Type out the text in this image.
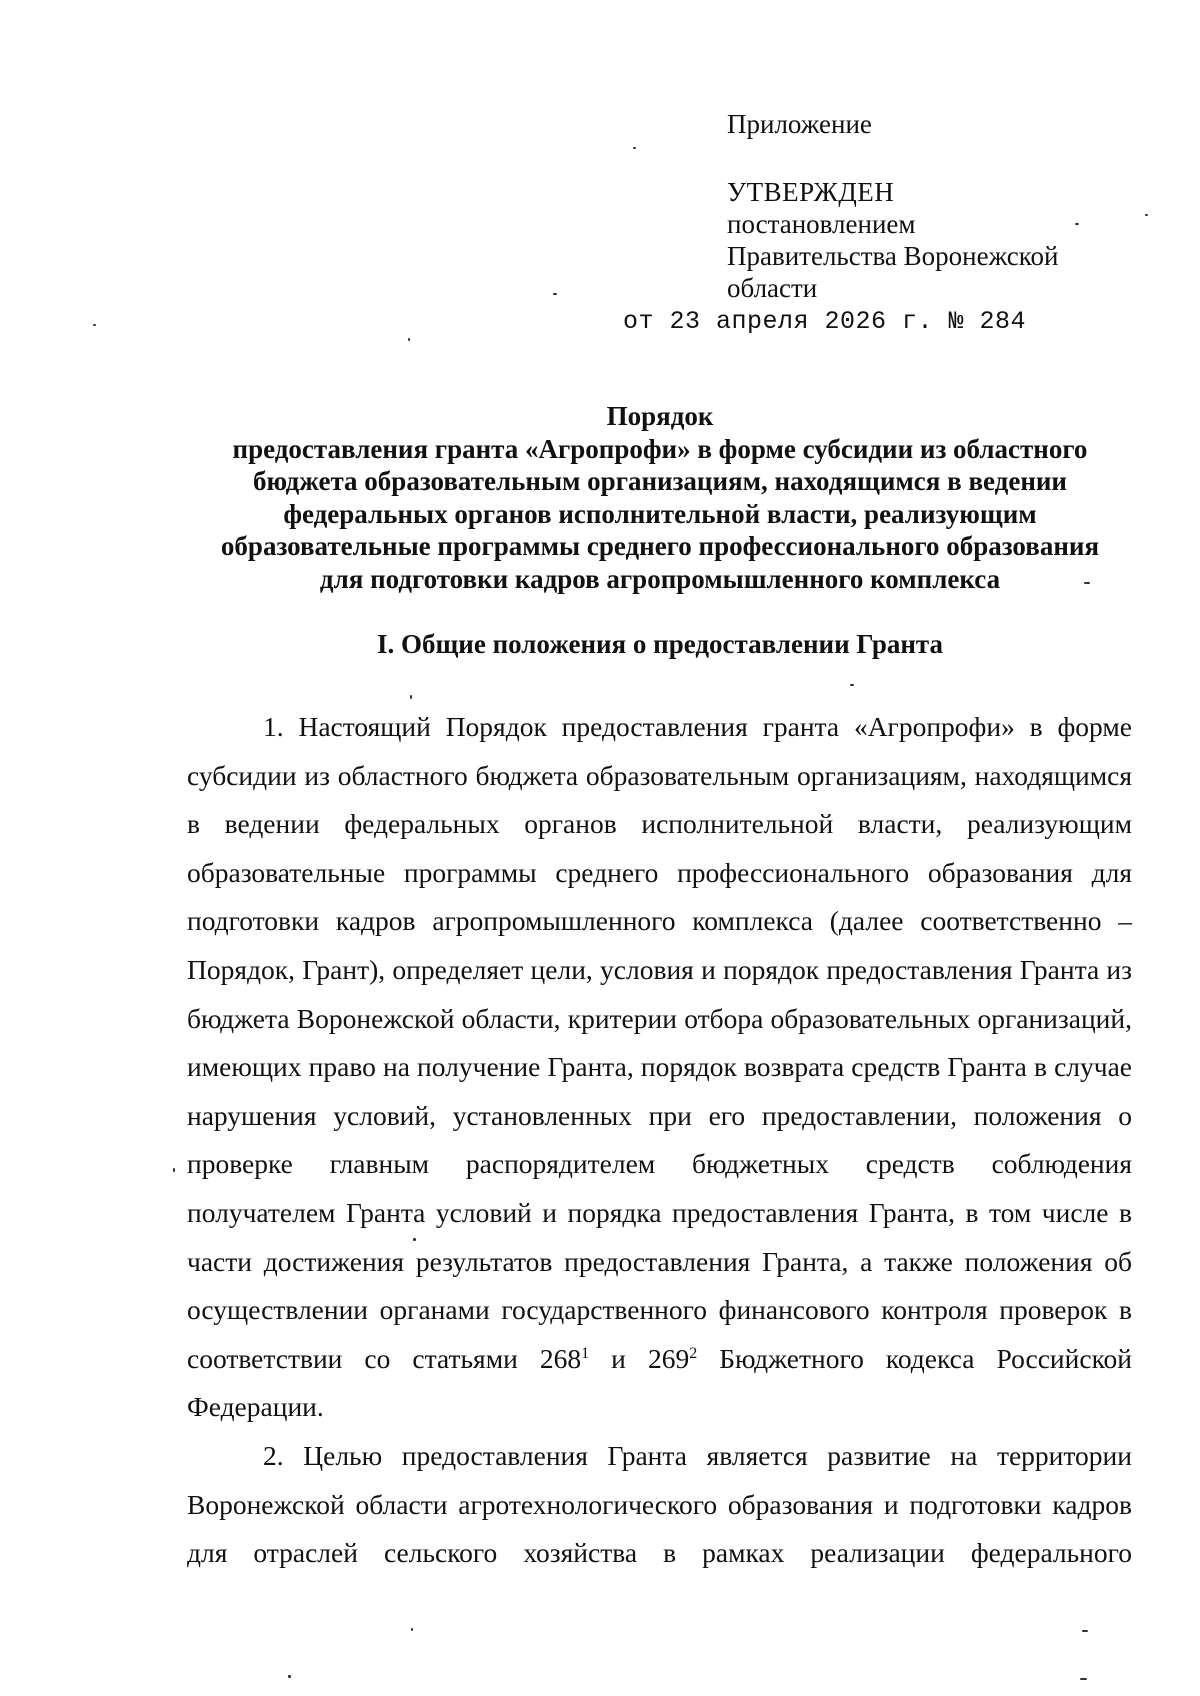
Приложение
УТВЕРЖДЕН
постановлением
Правительства Воронежской
области
от 23 апреля 2026 г. № 284
Порядок
предоставления гранта «Агропрофи» в форме субсидии из областного
бюджета образовательным организациям, находящимся в ведении
федеральных органов исполнительной власти, реализующим
образовательные программы среднего профессионального образования
для подготовки кадров агропромышленного комплекса
I. Общие положения о предоставлении Гранта

1. Настоящий Порядок предоставления гранта «Агропрофи» в форме субсидии из областного бюджета образовательным организациям, находящимся в ведении федеральных органов исполнительной власти, реализующим образовательные программы среднего профессионального образования для подготовки кадров агропромышленного комплекса (далее соответственно – Порядок, Грант), определяет цели, условия и порядок предоставления Гранта из бюджета Воронежской области, критерии отбора образовательных организаций, имеющих право на получение Гранта, порядок возврата средств Гранта в случае нарушения условий, установленных при его предоставлении, положения о проверке главным распорядителем бюджетных средств соблюдения получателем Гранта условий и порядка предоставления Гранта, в том числе в части достижения результатов предоставления Гранта, а также положения об осуществлении органами государственного финансового контроля проверок в соответствии со статьями $268^1$ и $269^2$ Бюджетного кодекса Российской Федерации.

2. Целью предоставления Гранта является развитие на территории Воронежской области агротехнологического образования и подготовки кадров для отраслей сельского хозяйства в рамках реализации федерального
